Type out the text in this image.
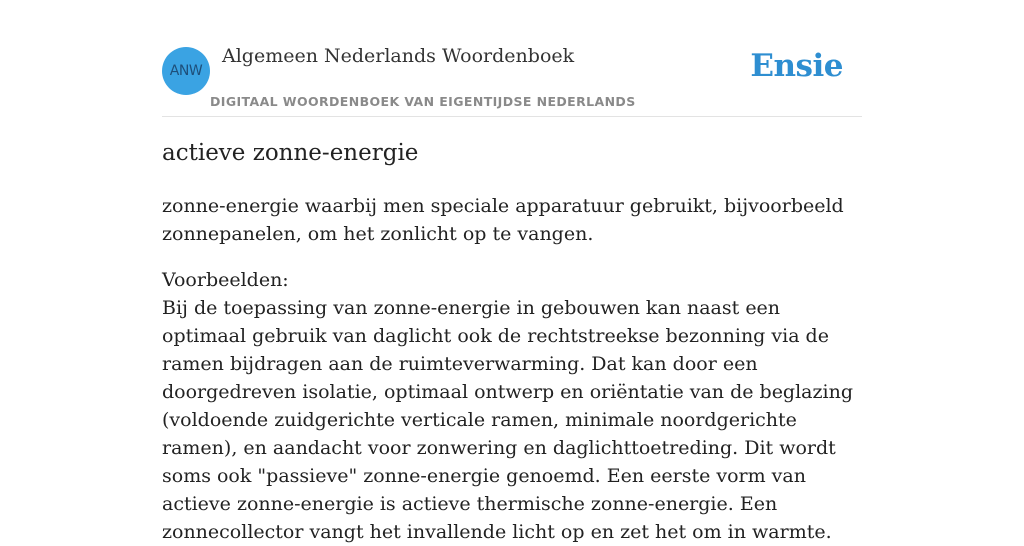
ANW
Algemeen Nederlands Woordenboek
DIGITAAL WOORDENBOEK VAN EIGENTIJDSE NEDERLANDS
Ensie
actieve zonne-energie

zonne-energie waarbij men speciale apparatuur gebruikt, bijvoorbeeld zonnepanelen, om het zonlicht op te vangen.

Voorbeelden:
Bij de toepassing van zonne-energie in gebouwen kan naast een optimaal gebruik van daglicht ook de rechtstreekse bezonning via de ramen bijdragen aan de ruimteverwarming. Dat kan door een doorgedreven isolatie, optimaal ontwerp en oriëntatie van de beglazing (voldoende zuidgerichte verticale ramen, minimale noordgerichte ramen), en aandacht voor zonwering en daglichttoetreding. Dit wordt soms ook "passieve" zonne-energie genoemd. Een eerste vorm van actieve zonne-energie is actieve thermische zonne-energie. Een zonnecollector vangt het invallende licht op en zet het om in warmte.
